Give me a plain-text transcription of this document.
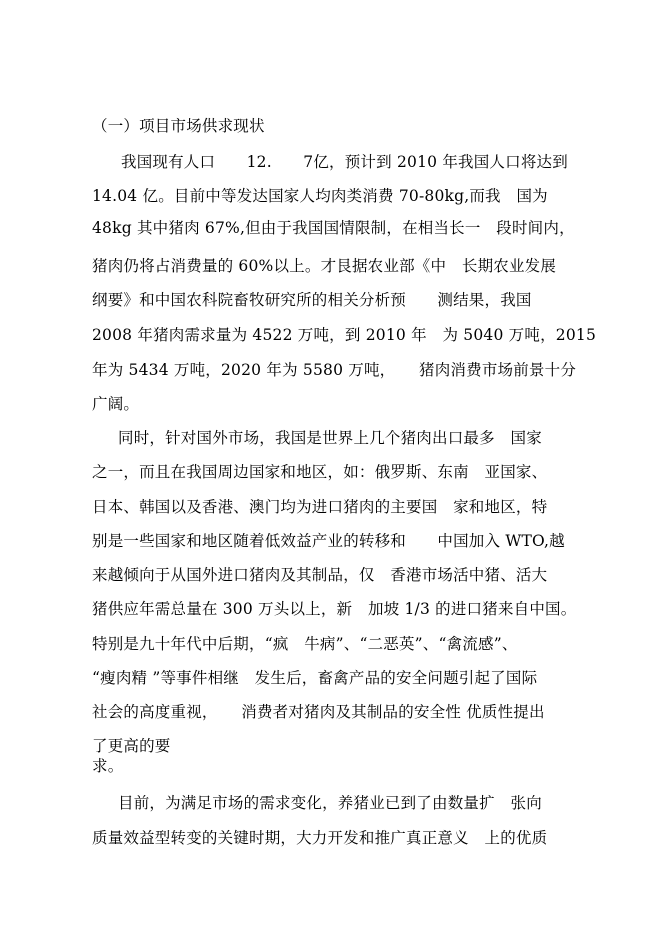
（一）项目市场供求现状
我国现有人口　　12.　　7亿，预计到 2010 年我国人口将达到
14.04 亿。目前中等发达国家人均肉类消费 70-80kg,而我　国为
48kg 其中猪肉 67%,但由于我国国情限制，在相当长一　段时间内，
猪肉仍将占消费量的 60%以上。才艮据农业部《中　长期农业发展
纲要》和中国农科院畜牧研究所的相关分析预　　测结果，我国
2008 年猪肉需求量为 4522 万吨，到 2010 年　为 5040 万吨，2015
年为 5434 万吨，2020 年为 5580 万吨，　　猪肉消费市场前景十分
广阔。
同时，针对国外市场，我国是世界上几个猪肉出口最多　国家
之一，而且在我国周边国家和地区，如：俄罗斯、东南　亚国家、
日本、韩国以及香港、澳门均为进口猪肉的主要国　家和地区，特
别是一些国家和地区随着低效益产业的转移和　　中国加入 WTO,越
来越倾向于从国外进口猪肉及其制品，仅　香港市场活中猪、活大
猪供应年需总量在 300 万头以上，新　加坡 1/3 的进口猪来自中国。
特别是九十年代中后期，“疯　牛病”、“二恶英”、“禽流感”、
“瘦肉精 ”等事件相继　发生后，畜禽产品的安全问题引起了国际
社会的高度重视，　　消费者对猪肉及其制品的安全性 优质性提出
了更高的要
求。
目前，为满足市场的需求变化，养猪业已到了由数量扩　张向
质量效益型转变的关键时期，大力开发和推广真正意义　上的优质
